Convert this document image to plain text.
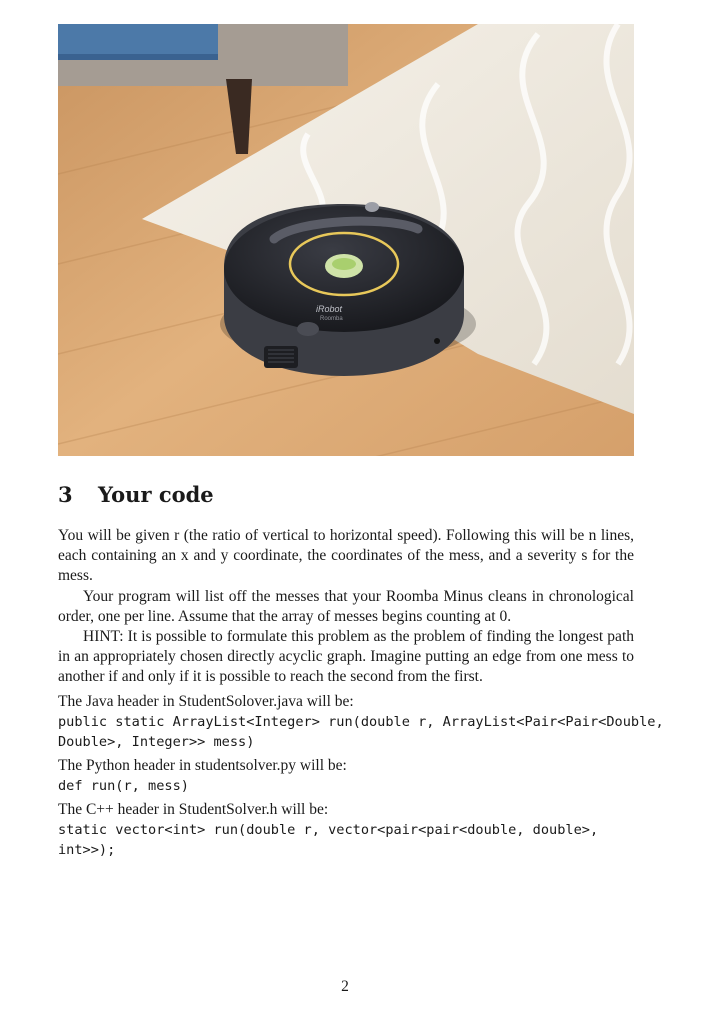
iRobot
Roomba
3 Your code

You will be given r (the ratio of vertical to horizontal speed). Following this will be n lines, each containing an x and y coordinate, the coordinates of the mess, and a severity s for the mess.

Your program will list off the messes that your Roomba Minus cleans in chronological order, one per line. Assume that the array of messes begins counting at 0.

HINT: It is possible to formulate this problem as the problem of finding the longest path in an appropriately chosen directly acyclic graph. Imagine putting an edge from one mess to another if and only if it is possible to reach the second from the first.

The Java header in StudentSolover.java will be:

public static ArrayList<Integer> run(double r, ArrayList<Pair<Pair<Double,
Double>, Integer>> mess)

The Python header in studentsolver.py will be:

def run(r, mess)

The C++ header in StudentSolver.h will be:

static vector<int> run(double r, vector<pair<pair<double, double>,
int>>);
2
